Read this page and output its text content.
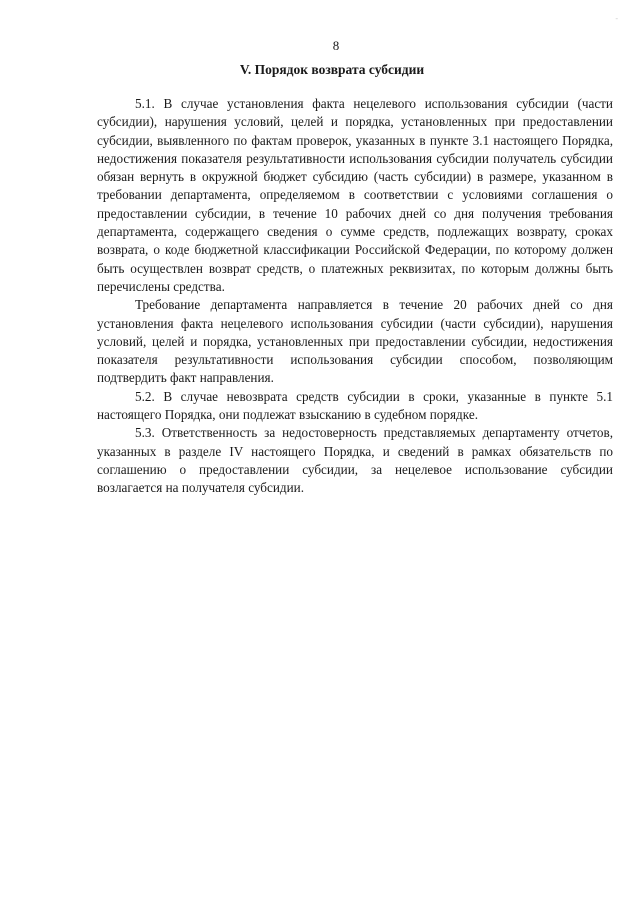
-
8
V. Порядок возврата субсидии

5.1. В случае установления факта нецелевого использования субсидии (части субсидии), нарушения условий, целей и порядка, установленных при предоставлении субсидии, выявленного по фактам проверок, указанных в пункте 3.1 настоящего Порядка, недостижения показателя результативности использования субсидии получатель субсидии обязан вернуть в окружной бюджет субсидию (часть субсидии) в размере, указанном в требовании департамента, определяемом в соответствии с условиями соглашения о предоставлении субсидии, в течение 10 рабочих дней со дня получения требования департамента, содержащего сведения о сумме средств, подлежащих возврату, сроках возврата, о коде бюджетной классификации Российской Федерации, по которому должен быть осуществлен возврат средств, о платежных реквизитах, по которым должны быть перечислены средства.

Требование департамента направляется в течение 20 рабочих дней со дня установления факта нецелевого использования субсидии (части субсидии), нарушения условий, целей и порядка, установленных при предоставлении субсидии, недостижения показателя результативности использования субсидии способом, позволяющим подтвердить факт направления.

5.2. В случае невозврата средств субсидии в сроки, указанные в пункте 5.1 настоящего Порядка, они подлежат взысканию в судебном порядке.

5.3. Ответственность за недостоверность представляемых департаменту отчетов, указанных в разделе IV настоящего Порядка, и сведений в рамках обязательств по соглашению о предоставлении субсидии, за нецелевое использование субсидии возлагается на получателя субсидии.
